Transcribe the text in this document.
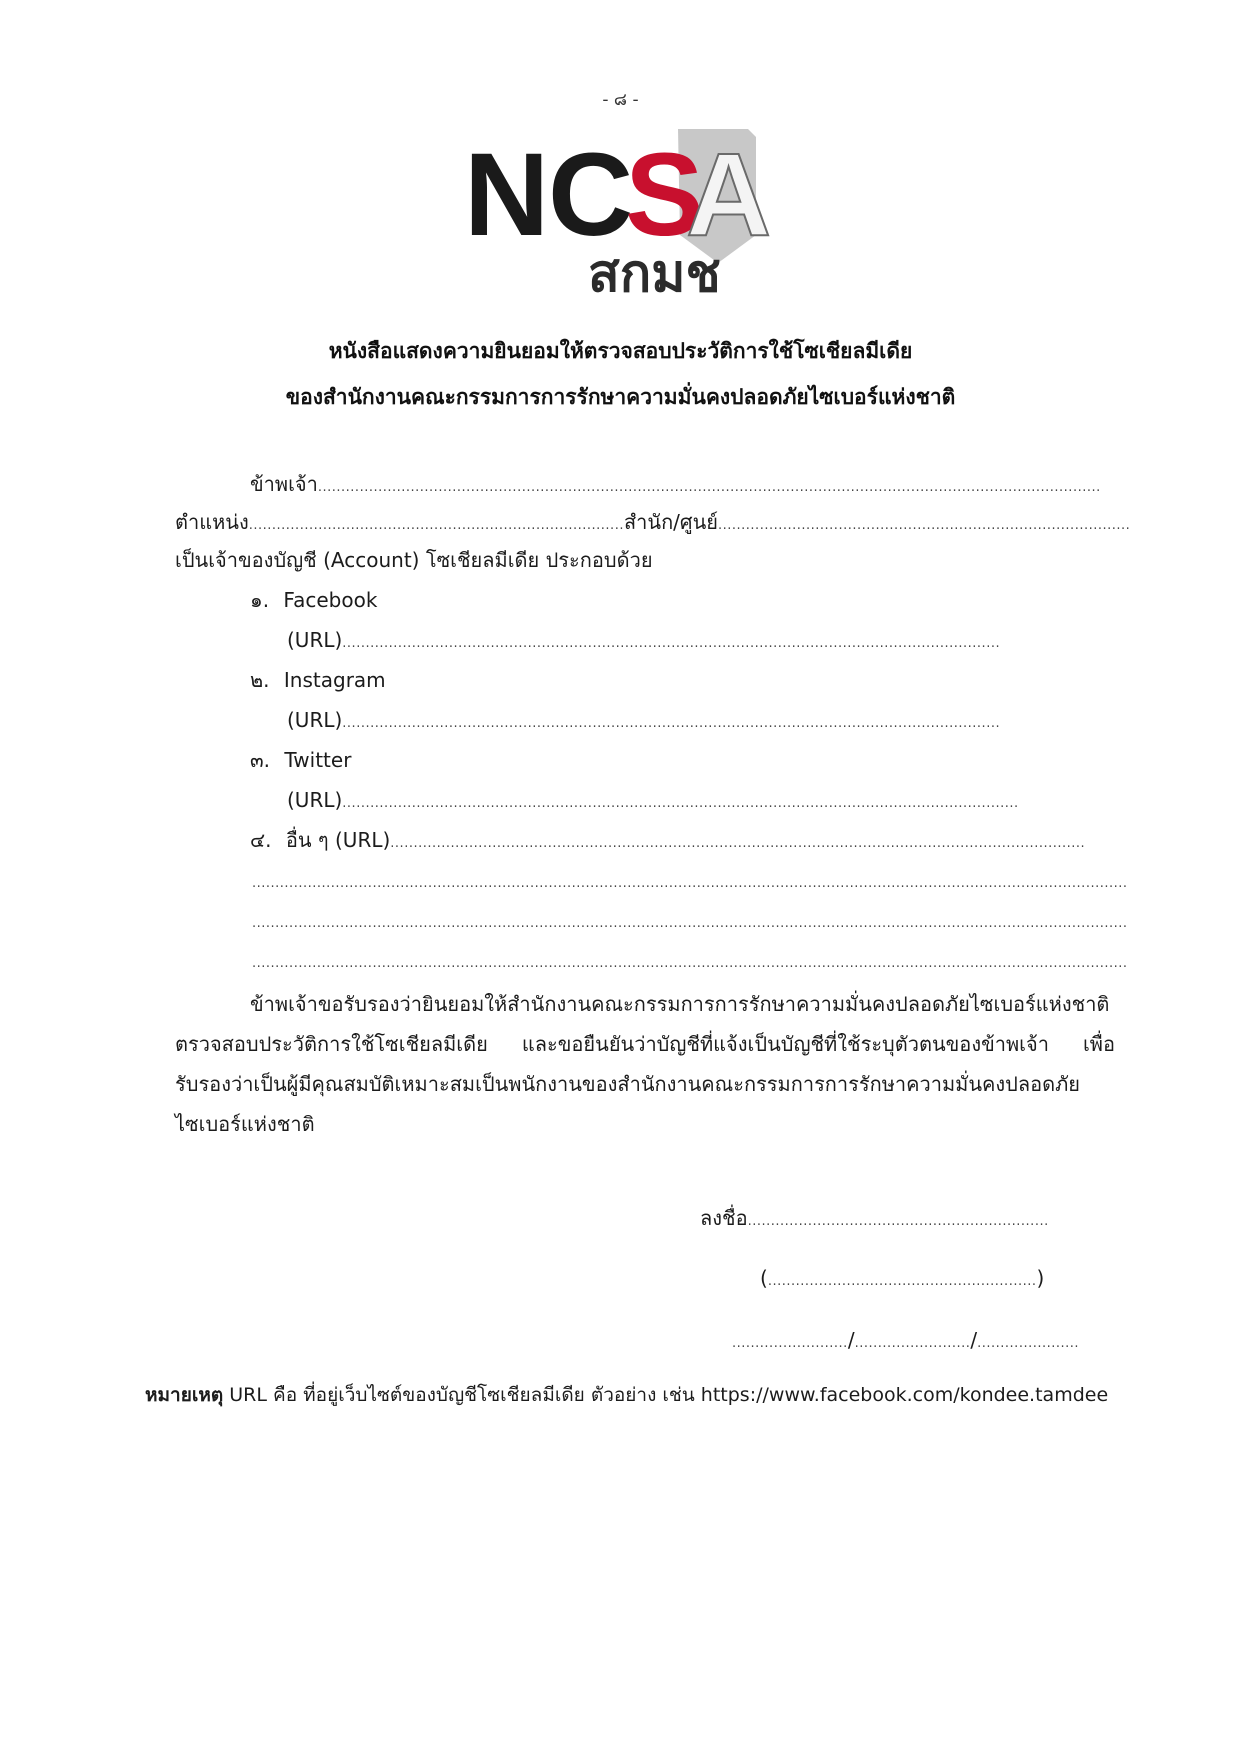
- ๘ -
N
C
S
A
สกมช
หนังสือแสดงความยินยอมให้ตรวจสอบประวัติการใช้โซเชียลมีเดีย
ของสำนักงานคณะกรรมการการรักษาความมั่นคงปลอดภัยไซเบอร์แห่งชาติ
ข้าพเจ้า.........................................................................................................................................................................
ตำแหน่ง.................................................................................สำนัก/ศูนย์.........................................................................................
เป็นเจ้าของบัญชี (Account) โซเชียลมีเดีย ประกอบด้วย
๑. Facebook
(URL)..............................................................................................................................................
๒. Instagram
(URL)..............................................................................................................................................
๓. Twitter
(URL)..................................................................................................................................................
๔. อื่น ๆ (URL)......................................................................................................................................................
.............................................................................................................................................................................................
.............................................................................................................................................................................................
.............................................................................................................................................................................................
ข้าพเจ้าขอรับรองว่ายินยอมให้สำนักงานคณะกรรมการการรักษาความมั่นคงปลอดภัยไซเบอร์แห่งชาติ ตรวจสอบประวัติการใช้โซเชียลมีเดีย และขอยืนยันว่าบัญชีที่แจ้งเป็นบัญชีที่ใช้ระบุตัวตนของข้าพเจ้า เพื่อรับรองว่าเป็นผู้มีคุณสมบัติเหมาะสมเป็นพนักงานของสำนักงานคณะกรรมการการรักษาความมั่นคงปลอดภัยไซเบอร์แห่งชาติ
ลงชื่อ.................................................................
(..........................................................)
........................./........................./......................
หมายเหตุ URL คือ ที่อยู่เว็บไซต์ของบัญชีโซเชียลมีเดีย ตัวอย่าง เช่น https://www.facebook.com/kondee.tamdee
